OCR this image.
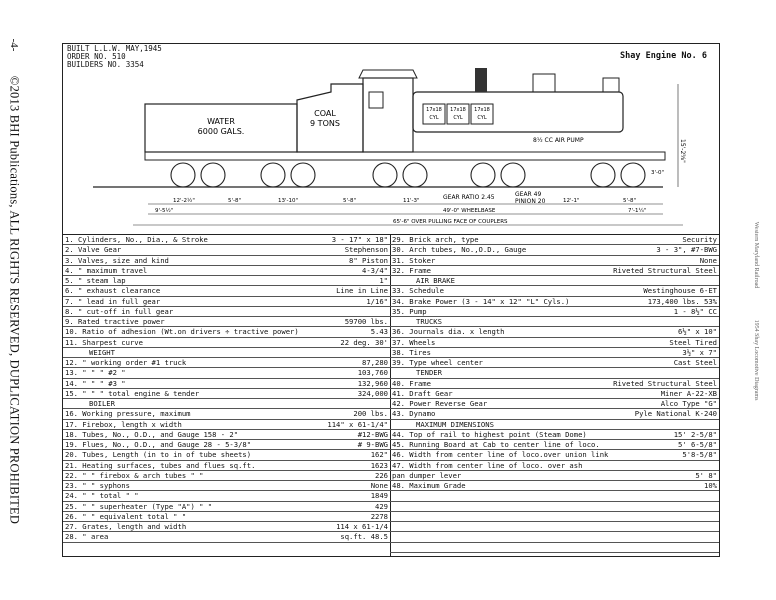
-4-
©2013 BHI Publications, ALL RIGHTS RESERVED, DUPLICATION PROHIBITED	Western Maryland Railroad
1954 Shay Locomotive Diagrams
BUILT L.L.W. MAY,1945
ORDER NO. 510
BUILDERS NO. 3354
Shay Engine No. 6
WATER
6000 GALS.
COAL
9 TONS
17x18 17x18 17x18
CYL	CYL	CYL
8½ CC AIR PUMP
GEAR 49
PINION 20
GEAR RATIO 2.45
12'-2½"	5'-8"	13'-10"	5'-8"	11'-3"	12'-1"	5'-8"
9'-5½"	49'-0" WHEELBASE	7'-1¼"
65'-6" OVER PULLING FACE OF COUPLERS
15'-2⅝"
3'-0"
1. Cylinders, No., Dia., & Stroke	3 - 17" x 18"
2. Valve Gear	Stephenson
3. Valves, size and kind	8" Piston
4. " maximum travel	4-3/4"
5. " steam lap	1"
6. " exhaust clearance	Line in Line
7. " lead in full gear	1/16"
8. " cut-off in full gear
9. Rated tractive power	59700 lbs.
10. Ratio of adhesion (Wt.on drivers ÷ tractive power)	5.43
11. Sharpest curve	22 deg. 30'
WEIGHT
12. " working order #1 truck	87,280
13. " " " #2 "	103,760
14. " " " #3 "	132,960
15. " " " total engine & tender	324,000
BOILER
16. Working pressure, maximum	200 lbs.
17. Firebox, length x width	114" x 61-1/4"
18. Tubes, No., O.D., and Gauge 158 - 2"	#12-BWG
19. Flues, No., O.D., and Gauge 28 - 5-3/8"	# 9-BWG
20. Tubes, Length (in to in of tube sheets)	162"
21. Heating surfaces, tubes and flues sq.ft.	1623
22. " " firebox & arch tubes " "	226
23. " " syphons	None
24. " " total " "	1849
25. " " superheater (Type "A") " "	429
26. " " equivalent total " "	2278
27. Grates, length and width	114 x 61-1/4
28. " area	sq.ft. 48.5
29. Brick arch, type	Security
30. Arch tubes, No.,O.D., Gauge	3 - 3", #7-BWG
31. Stoker	None
32. Frame	Riveted Structural Steel
AIR BRAKE
33. Schedule	Westinghouse 6-ET
34. Brake Power (3 - 14" x 12" "L" Cyls.)	173,400 lbs. 53%
35. Pump	1 - 8½" CC
TRUCKS
36. Journals dia. x length	6½" x 10"
37. Wheels	Steel Tired
38. Tires	3½" x 7"
39. Type wheel center	Cast Steel
TENDER
40. Frame	Riveted Structural Steel
41. Draft Gear	Miner A-22-XB
42. Power Reverse Gear	Alco Type "G"
43. Dynamo	Pyle National K-240
MAXIMUM DIMENSIONS
44. Top of rail to highest point (Steam Dome)	15' 2-5/8"
45. Running Board at Cab to center line of loco.	5' 6-5/8"
46. Width from center line of loco.over union link	5'8-5/8"
47. Width from center line of loco. over ash
pan dumper lever	5' 8"
48. Maximum Grade	10%
